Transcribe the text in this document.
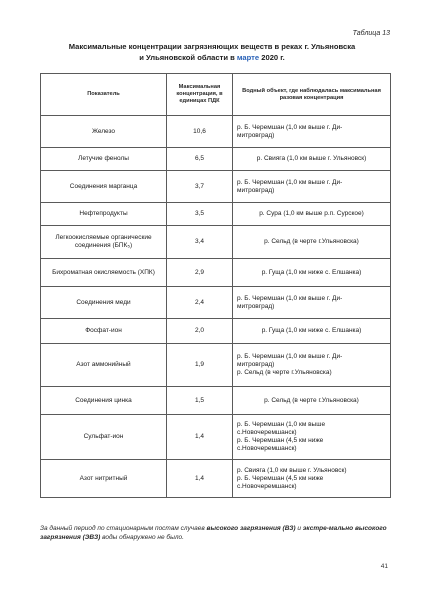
Таблица 13
Максимальные концентрации загрязняющих веществ в реках г. Ульяновска
и Ульяновской области в марте 2020 г.
Показатель	Максимальная концентрация, в единицах ПДК	Водный объект, где наблюдалась максимальная разовая концентрация
Железо	10,6	р. Б. Черемшан (1,0 км выше г. Ди-
митровград)

Летучие фенолы	6,5	р. Свияга (1,0 км выше г. Ульяновск)

Соединения марганца	3,7	р. Б. Черемшан (1,0 км выше г. Ди-
митровград)

Нефтепродукты	3,5	р. Сура (1,0 км выше р.п. Сурское)

Легкоокисляемые органические соединения (БПК₅)	3,4	р. Сельд (в черте г.Ульяновска)

Бихроматная окисляемость (ХПК)	2,9	р. Гуща (1,0 км ниже с. Елшанка)

Соединения меди	2,4	р. Б. Черемшан (1,0 км выше г. Ди-
митровград)

Фосфат-ион	2,0	р. Гуща (1,0 км ниже с. Елшанка)

Азот аммонийный	1,9	р. Б. Черемшан (1,0 км выше г. Ди-
митровград)
р. Сельд (в черте г.Ульяновска)

Соединения цинка	1,5	р. Сельд (в черте г.Ульяновска)

Сульфат-ион	1,4	р. Б. Черемшан (1,0 км выше
с.Новочеремшанск)
р. Б. Черемшан (4,5 км ниже
с.Новочеремшанск)

Азот нитритный	1,4	р. Свияга (1,0 км выше г. Ульяновск)
р. Б. Черемшан (4,5 км ниже
с.Новочеремшанск)
За данный период по стационарным постам случаев высокого загрязнения (ВЗ) и экстре-мально высокого загрязнения (ЭВЗ) воды обнаружено не было.
41
